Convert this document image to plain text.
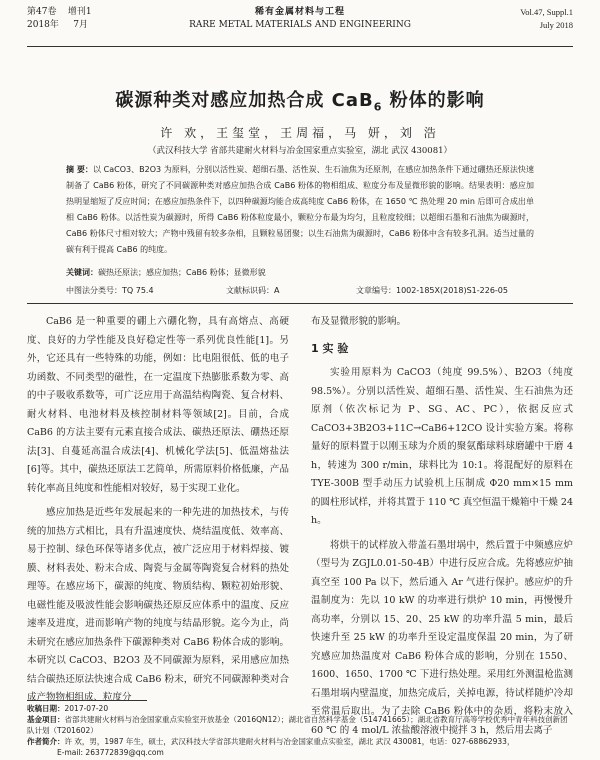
第47卷 增刊1
2018年 7月
稀有金属材料与工程
RARE METAL MATERIALS AND ENGINEERING
Vol.47, Suppl.1
July 2018
碳源种类对感应加热合成 CaB$_6$ 粉体的影响
许 欢，王玺堂，王周福，马 妍，刘 浩
（武汉科技大学 省部共建耐火材料与冶金国家重点实验室，湖北 武汉 430081）
摘 要：以 CaCO3、B2O3 为原料，分别以活性炭、超细石墨、活性炭、生石油焦为还原剂，在感应加热条件下通过硼热还原法快速制备了 CaB6 粉体，研究了不同碳源种类对感应加热合成 CaB6 粉体的物相组成、粒度分布及显微形貌的影响。结果表明：感应加热明显缩短了反应时间；在感应加热条件下，以四种碳源均能合成高纯度 CaB6 粉体，在 1650 ℃ 热处理 20 min 后即可合成出单相 CaB6 粉体。以活性炭为碳源时，所得 CaB6 粉体粒度最小，颗粒分布最为均匀，且粒度较细；以超细石墨和石油焦为碳源时，CaB6 粉体尺寸相对较大；产物中残留有较多杂相，且颗粒易团聚；以生石油焦为碳源时，CaB6 粉体中含有较多孔洞。适当过量的碳有利于提高 CaB6 的纯度。
关键词：碳热还原法；感应加热；CaB6 粉体；显微形貌
中图法分类号：TQ 75.4	文献标识码：A	文章编号：1002-185X(2018)S1-226-05

CaB6 是一种重要的硼上六硼化物，具有高熔点、高硬度、良好的力学性能及良好稳定性等一系列优良性能[1]。另外，它还具有一些特殊的功能，例如：比电阻很低、低的电子功函数、不同类型的磁性，在一定温度下热膨胀系数为零、高的中子吸收系数等，可广泛应用于高温结构陶瓷、复合材料、耐火材料、电池材料及核控制材料等领域[2]。目前，合成 CaB6 的方法主要有元素直接合成法、碳热还原法、硼热还原法[3]、自蔓延高温合成法[4]、机械化学法[5]、低温熔盐法[6]等。其中，碳热还原法工艺简单，所需原料价格低廉，产品转化率高且纯度和性能相对较好，易于实现工业化。

感应加热是近些年发展起来的一种先进的加热技术，与传统的加热方式相比，具有升温速度快、烧结温度低、效率高、易于控制、绿色环保等诸多优点，被广泛应用于材料焊接、镀膜、材料表处、粉末合成、陶瓷与金属等陶瓷复合材料的热处理等。在感应场下，碳源的纯度、物质结构、颗粒初始形貌、电磁性能及吸波性能会影响碳热还原反应体系中的温度、反应速率及进度，进而影响产物的纯度与结晶形貌。迄今为止，尚未研究在感应加热条件下碳源种类对 CaB6 粉体合成的影响。本研究以 CaCO3、B2O3 及不同碳源为原料，采用感应加热结合碳热还原法快速合成 CaB6 粉末，研究不同碳源种类对合成产物物相组成、粒度分

布及显微形貌的影响。

1 实 验

实验用原料为 CaCO3（纯度 99.5%）、B2O3（纯度 98.5%）。分别以活性炭、超细石墨、活性炭、生石油焦为还原剂（依次标记为 P、SG、AC、PC），依据反应式 CaCO3+3B2O3+11C→CaB6+12CO 设计实验方案。将称量好的原料置于以刚玉球为介质的聚氨酯球料球磨罐中干磨 4 h，转速为 300 r/min，球料比为 10:1。将混配好的原料在 TYE-300B 型手动压力试验机上压制成 Φ20 mm×15 mm 的圆柱形试样，并将其置于 110 ℃ 真空恒温干燥箱中干燥 24 h。

将烘干的试样放入带盖石墨坩埚中，然后置于中频感应炉（型号为 ZGJL0.01-50-4B）中进行反应合成。先将感应炉抽真空至 100 Pa 以下，然后通入 Ar 气进行保护。感应炉的升温制度为：先以 10 kW 的功率进行烘炉 10 min，再慢慢升高功率，分别以 15、20、25 kW 的功率升温 5 min，最后快速升至 25 kW 的功率升至设定温度保温 20 min，为了研究感应加热温度对 CaB6 粉体合成的影响，分别在 1550、1600、1650、1700 ℃ 下进行热处理。采用红外测温枪监测石墨坩埚内壁温度，加热完成后，关掉电源，待试样随炉冷却至常温后取出。为了去除 CaB6 粉体中的杂质，将粉末放入 60 ℃ 的 4 mol/L 浓盐酸溶液中搅拌 3 h，然后用去离子

收稿日期：2017-07-20
基金项目：省部共建耐火材料与冶金国家重点实验室开放基金（2016QN12）；湖北省自然科学基金（514741665）；湖北省教育厅高等学校优秀中青年科技创新团队计划（T201602）
作者简介：许 欢，男，1987 年生，硕士，武汉科技大学省部共建耐火材料与冶金国家重点实验室，湖北 武汉 430081，电话：027-68862933，
E-mail: 263772839@qq.com
